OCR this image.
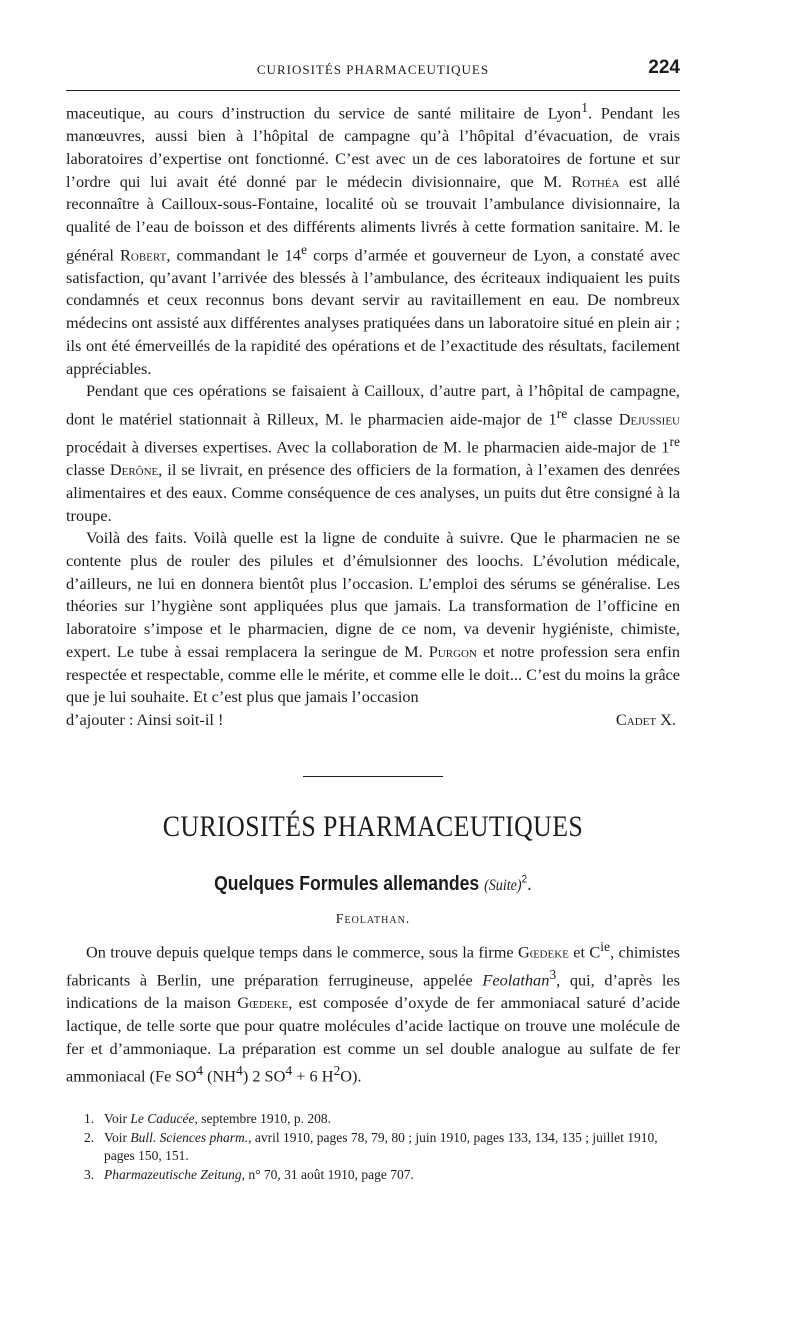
CURIOSITÉS PHARMACEUTIQUES	224

maceutique, au cours d’instruction du service de santé militaire de Lyon$^1$. Pendant les manœuvres, aussi bien à l’hôpital de campagne qu’à l’hôpital d’évacuation, de vrais laboratoires d’expertise ont fonctionné. C’est avec un de ces laboratoires de fortune et sur l’ordre qui lui avait été donné par le médecin divisionnaire, que M. Rothéa est allé reconnaître à Cailloux-sous-Fontaine, localité où se trouvait l’ambulance divisionnaire, la qualité de l’eau de boisson et des différents aliments livrés à cette formation sanitaire. M. le général Robert, commandant le 14e corps d’armée et gouverneur de Lyon, a constaté avec satisfaction, qu’avant l’arrivée des blessés à l’ambulance, des écriteaux indiquaient les puits condamnés et ceux reconnus bons devant servir au ravitaillement en eau. De nombreux médecins ont assisté aux différentes analyses pratiquées dans un laboratoire situé en plein air ; ils ont été émerveillés de la rapidité des opérations et de l’exactitude des résultats, facilement appréciables.

Pendant que ces opérations se faisaient à Cailloux, d’autre part, à l’hôpital de campagne, dont le matériel stationnait à Rilleux, M. le pharmacien aide-major de 1re classe Dejussieu procédait à diverses expertises. Avec la collaboration de M. le pharmacien aide-major de 1re classe Derône, il se livrait, en présence des officiers de la formation, à l’examen des denrées alimentaires et des eaux. Comme conséquence de ces analyses, un puits dut être consigné à la troupe.

Voilà des faits. Voilà quelle est la ligne de conduite à suivre. Que le pharmacien ne se contente plus de rouler des pilules et d’émulsionner des loochs. L’évolution médicale, d’ailleurs, ne lui en donnera bientôt plus l’occasion. L’emploi des sérums se généralise. Les théories sur l’hygiène sont appliquées plus que jamais. La transformation de l’officine en laboratoire s’impose et le pharmacien, digne de ce nom, va devenir hygiéniste, chimiste, expert. Le tube à essai remplacera la seringue de M. Purgon et notre profession sera enfin respectée et respectable, comme elle le mérite, et comme elle le doit... C’est du moins la grâce que je lui souhaite. Et c’est plus que jamais l’occasion

d’ajouter : Ainsi soit-il !	Cadet X.
CURIOSITÉS PHARMACEUTIQUES
Quelques Formules allemandes (Suite)$^2$.
Feolathan.

On trouve depuis quelque temps dans le commerce, sous la firme Gœdeke et $C^{ie}$, chimistes fabricants à Berlin, une préparation ferrugineuse, appelée Feolathan$^3$, qui, d’après les indications de la maison Gœdeke, est composée d’oxyde de fer ammoniacal saturé d’acide lactique, de telle sorte que pour quatre molécules d’acide lactique on trouve une molécule de fer et d’ammoniaque. La préparation est comme un sel double analogue au sulfate de fer ammoniacal (Fe $SO^4$ $(NH^4)$ 2 $SO^4 + 6$ $H^2O$).

1. Voir Le Caducée, septembre 1910, p. 208.

2. Voir Bull. Sciences pharm., avril 1910, pages 78, 79, 80 ; juin 1910, pages 133, 134, 135 ; juillet 1910, pages 150, 151.

3. Pharmazeutische Zeitung, n° 70, 31 août 1910, page 707.
